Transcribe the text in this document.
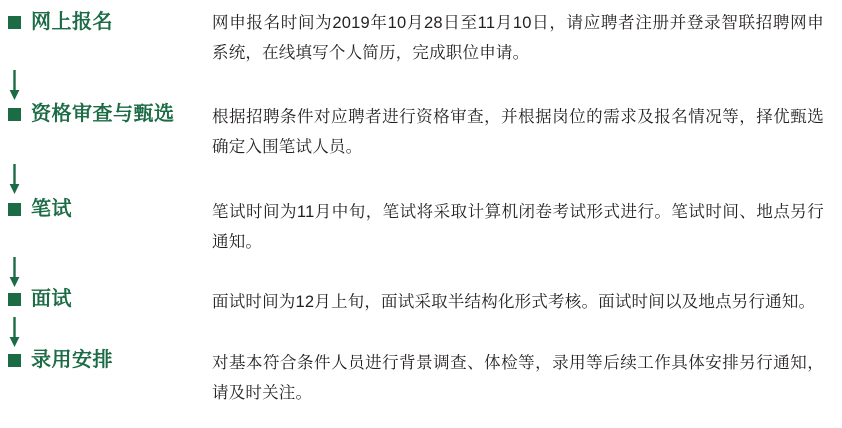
网上报名	网申报名时间为2019年10月28日至11月10日，请应聘者注册并登录智联招聘网申系统，在线填写个人简历，完成职位申请。
资格审查与甄选 根据招聘条件对应聘者进行资格审查，并根据岗位的需求及报名情况等，择优甄选确定入围笔试人员。
笔试	笔试时间为11月中旬，笔试将采取计算机闭卷考试形式进行。笔试时间、地点另行通知。
面试	面试时间为12月上旬，面试采取半结构化形式考核。面试时间以及地点另行通知。
录用安排	对基本符合条件人员进行背景调查、体检等，录用等后续工作具体安排另行通知，请及时关注。
